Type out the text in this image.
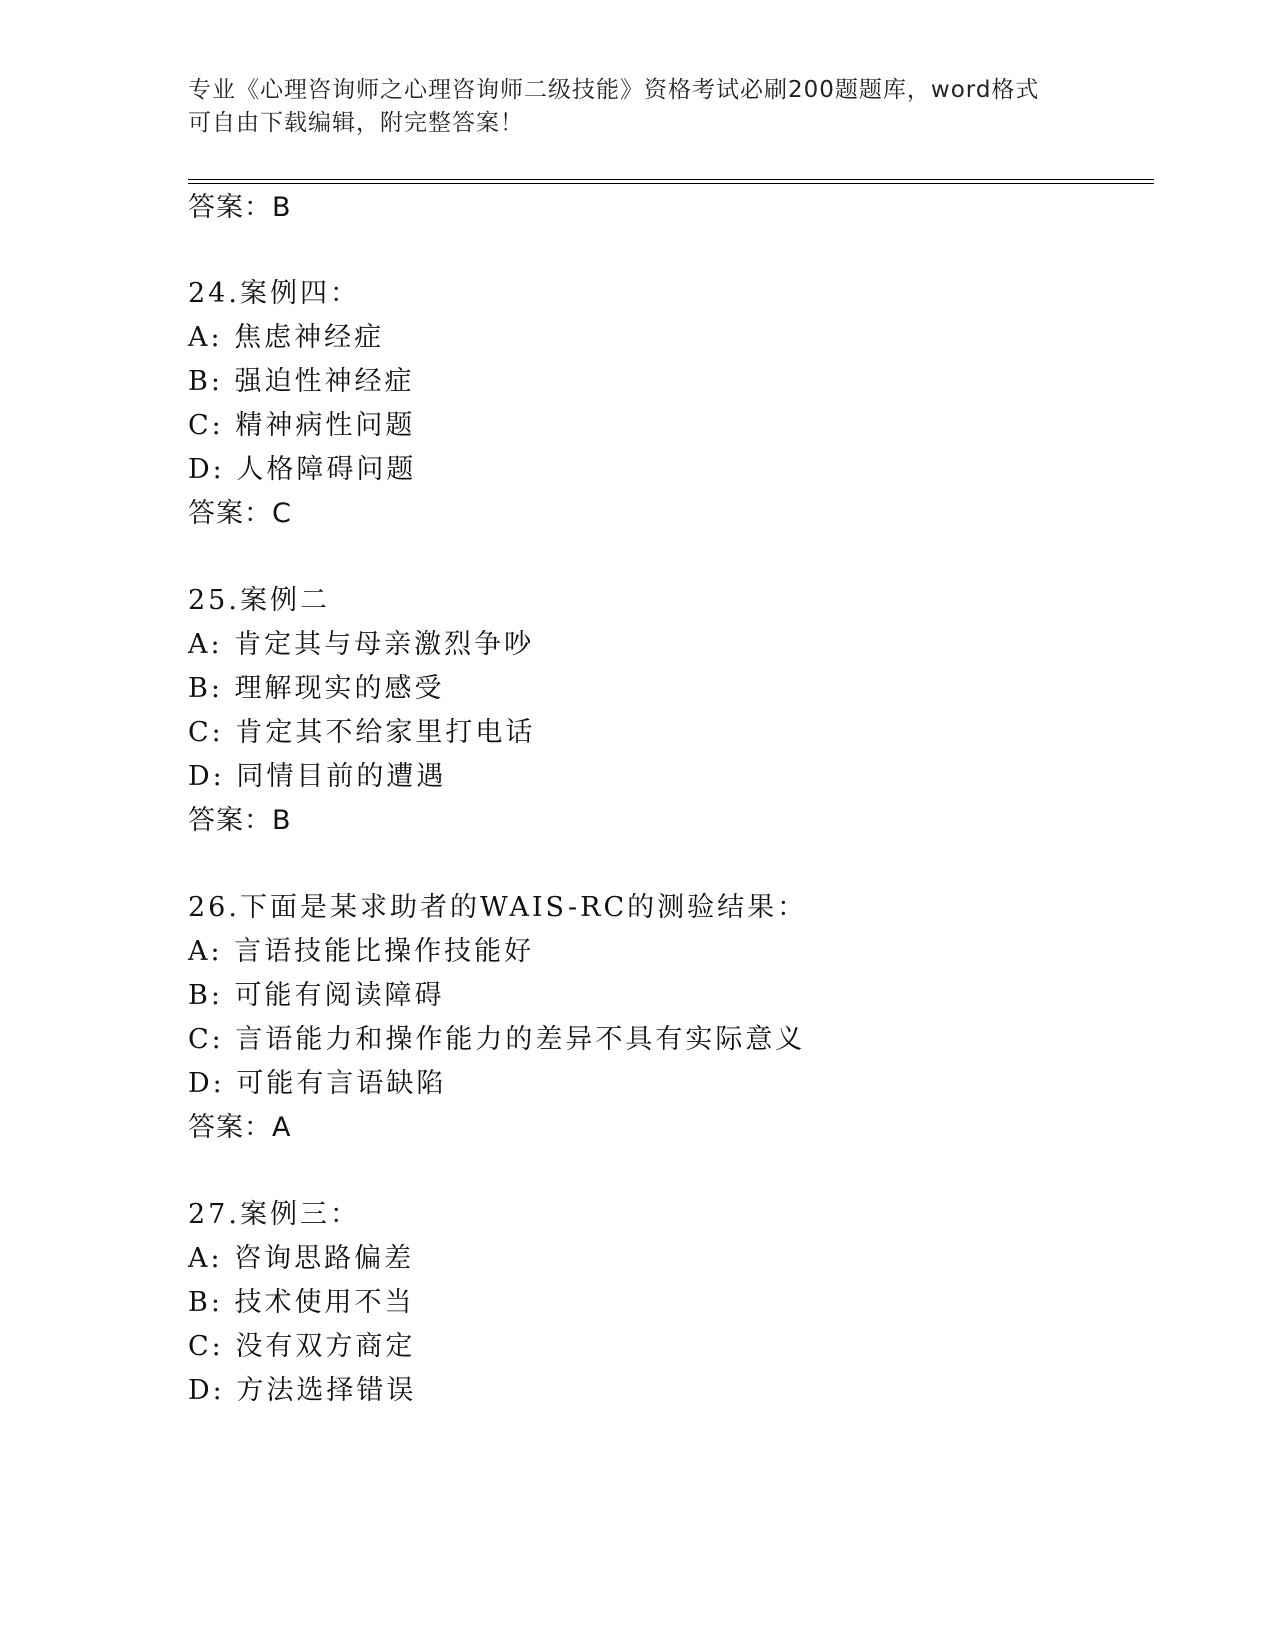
专业《心理咨询师之心理咨询师二级技能》资格考试必刷200题题库，word格式
可自由下载编辑，附完整答案！
答案：B
24.案例四：
A: 焦虑神经症
B: 强迫性神经症
C: 精神病性问题
D: 人格障碍问题
答案：C
25.案例二
A: 肯定其与母亲激烈争吵
B: 理解现实的感受
C: 肯定其不给家里打电话
D: 同情目前的遭遇
答案：B
26.下面是某求助者的WAIS-RC的测验结果：
A: 言语技能比操作技能好
B: 可能有阅读障碍
C: 言语能力和操作能力的差异不具有实际意义
D: 可能有言语缺陷
答案：A
27.案例三：
A: 咨询思路偏差
B: 技术使用不当
C: 没有双方商定
D: 方法选择错误
